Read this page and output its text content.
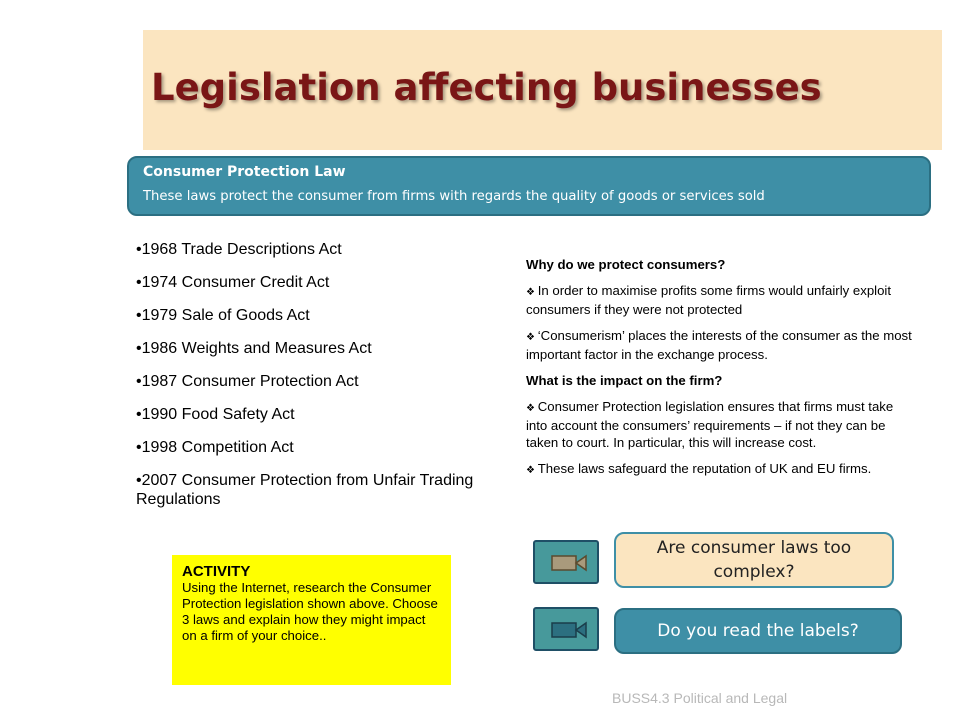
Legislation affecting businesses

Consumer Protection Law

These laws protect the consumer from firms with regards the quality of goods or services sold

• 1968 Trade Descriptions Act
• 1974 Consumer Credit Act
• 1979 Sale of Goods Act
• 1986 Weights and Measures Act
• 1987 Consumer Protection Act
• 1990 Food Safety Act
• 1998 Competition Act
• 2007 Consumer Protection from Unfair Trading Regulations

Why do we protect consumers?

❖ In order to maximise profits some firms would unfairly exploit consumers if they were not protected

❖ ‘Consumerism’ places the interests of the consumer as the most important factor in the exchange process.

What is the impact on the firm?

❖ Consumer Protection legislation ensures that firms must take into account the consumers’ requirements – if not they can be taken to court. In particular, this will increase cost.

❖ These laws safeguard the reputation of UK and EU firms.

ACTIVITY

Using the Internet, research the Consumer Protection legislation shown above. Choose 3 laws and explain how they might impact on a firm of your choice..

Are consumer laws too complex?
Do you read the labels?
BUSS4.3 Political and Legal
